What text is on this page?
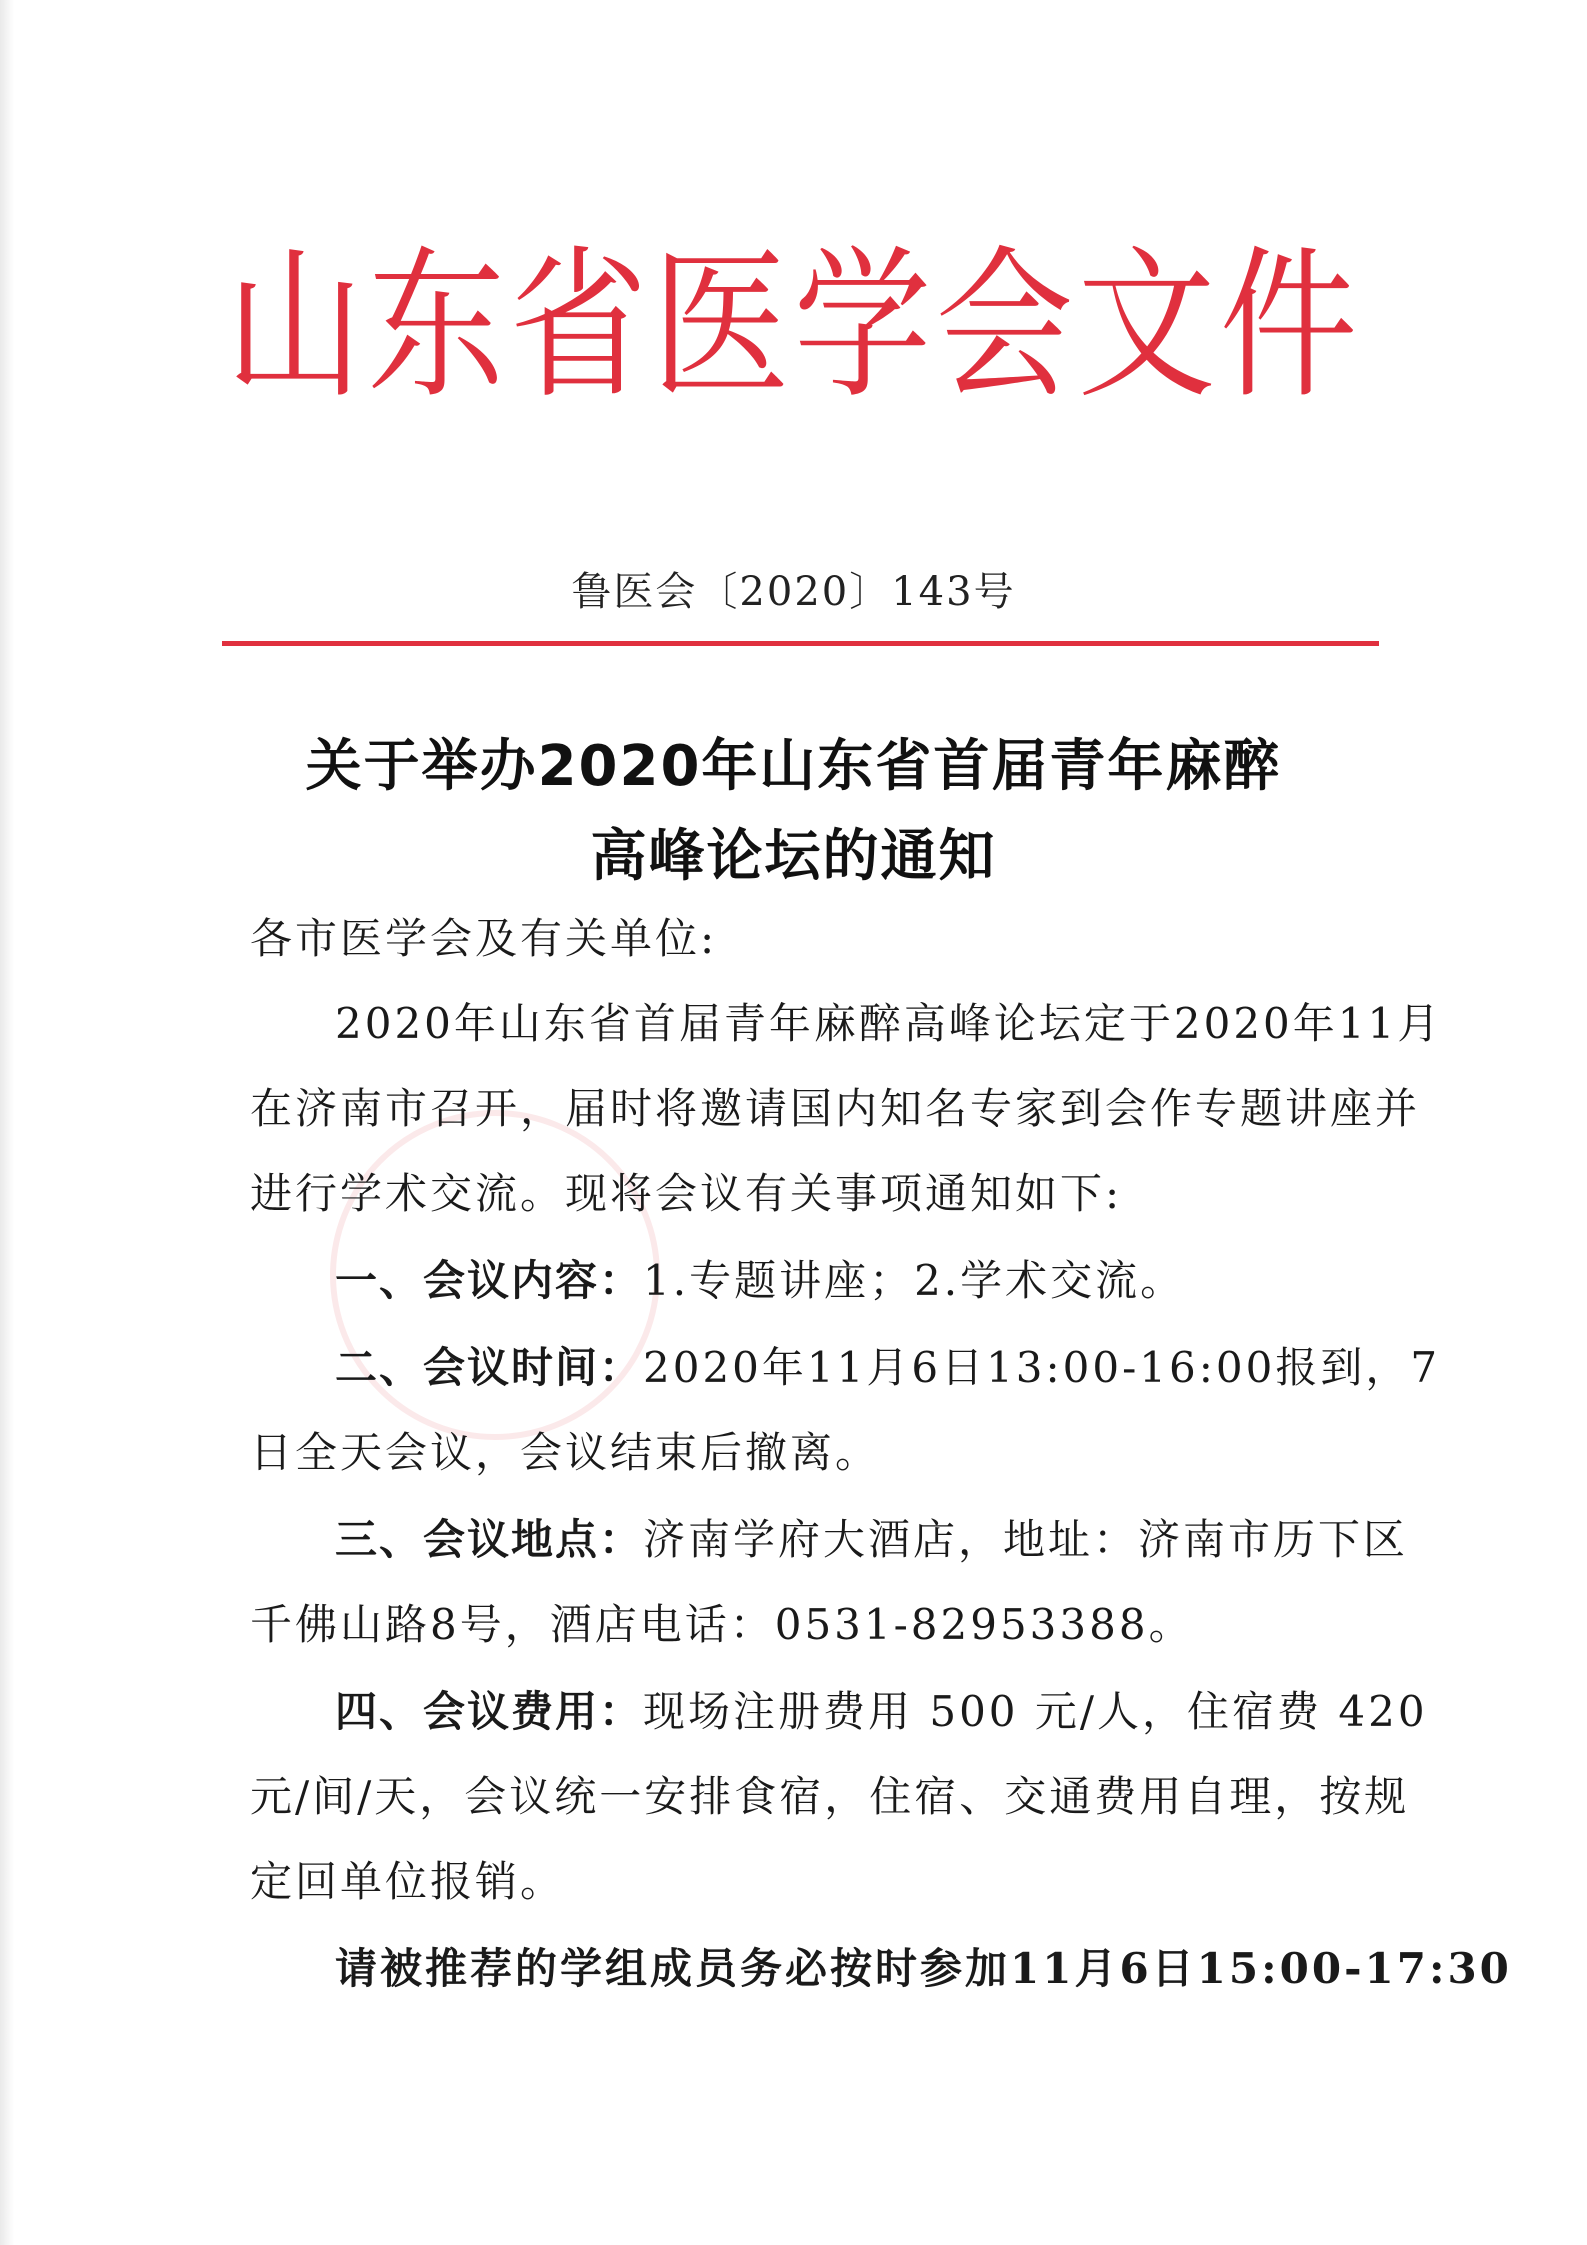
山东省医学会文件
鲁医会〔2020〕143号
关于举办2020年山东省首届青年麻醉
高峰论坛的通知
各市医学会及有关单位:
2020年山东省首届青年麻醉高峰论坛定于2020年11月
在济南市召开，届时将邀请国内知名专家到会作专题讲座并
进行学术交流。现将会议有关事项通知如下:
一、会议内容：1.专题讲座；2.学术交流。
二、会议时间：2020年11月6日13:00-16:00报到，7
日全天会议，会议结束后撤离。
三、会议地点：济南学府大酒店，地址：济南市历下区
千佛山路8号，酒店电话：0531-82953388。
四、会议费用：现场注册费用 500 元/人，住宿费 420
元/间/天，会议统一安排食宿，住宿、交通费用自理，按规
定回单位报销。
请被推荐的学组成员务必按时参加11月6日15:00-17:30
